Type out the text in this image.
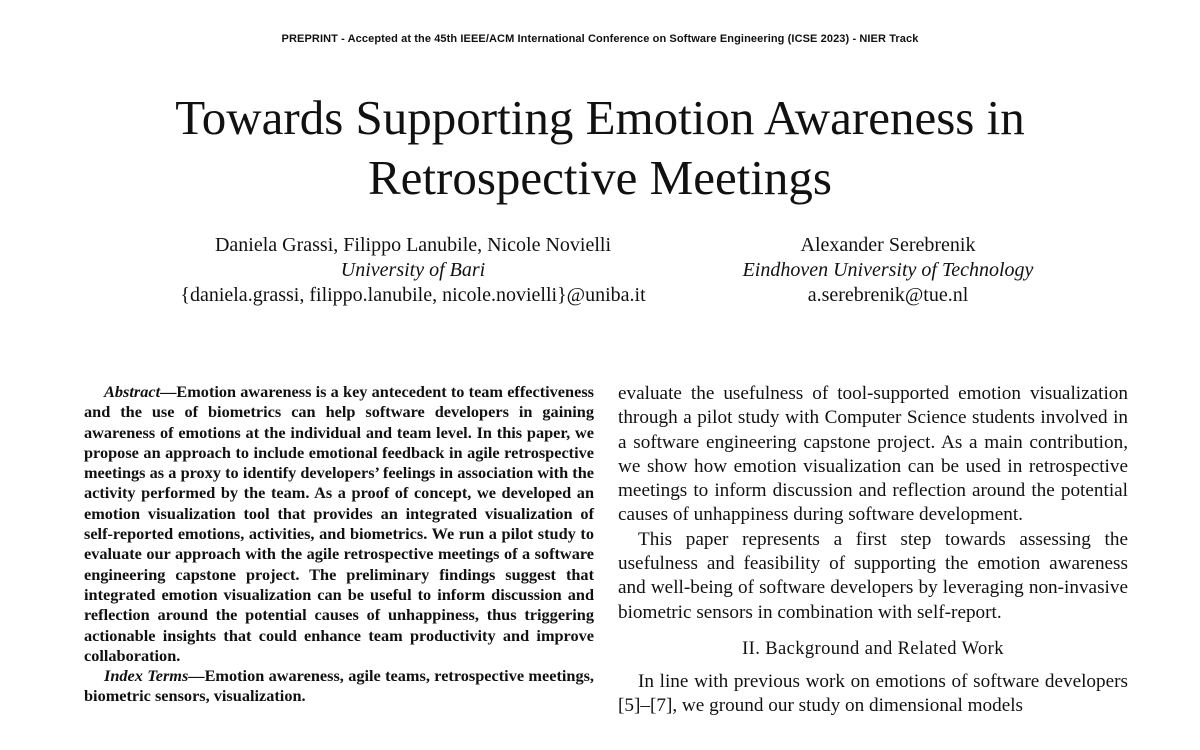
PREPRINT - Accepted at the 45th IEEE/ACM International Conference on Software Engineering (ICSE 2023) - NIER Track
Towards Supporting Emotion Awareness in
Retrospective Meetings
Daniela Grassi, Filippo Lanubile, Nicole Novielli
University of Bari
{daniela.grassi, filippo.lanubile, nicole.novielli}@uniba.it
Alexander Serebrenik
Eindhoven University of Technology
a.serebrenik@tue.nl

Abstract—Emotion awareness is a key antecedent to team effectiveness and the use of biometrics can help software developers in gaining awareness of emotions at the individual and team level. In this paper, we propose an approach to include emotional feedback in agile retrospective meetings as a proxy to identify developers’ feelings in association with the activity performed by the team. As a proof of concept, we developed an emotion visualization tool that provides an integrated visualization of self-reported emotions, activities, and biometrics. We run a pilot study to evaluate our approach with the agile retrospective meetings of a software engineering capstone project. The preliminary findings suggest that integrated emotion visualization can be useful to inform discussion and reflection around the potential causes of unhappiness, thus triggering actionable insights that could enhance team productivity and improve collaboration.

Index Terms—Emotion awareness, agile teams, retrospective meetings, biometric sensors, visualization.

evaluate the usefulness of tool-supported emotion visualization through a pilot study with Computer Science students involved in a software engineering capstone project. As a main contribution, we show how emotion visualization can be used in retrospective meetings to inform discussion and reflection around the potential causes of unhappiness during software development.

This paper represents a first step towards assessing the usefulness and feasibility of supporting the emotion awareness and well-being of software developers by leveraging non-invasive biometric sensors in combination with self-report.

II. Background and Related Work

In line with previous work on emotions of software developers [5]–[7], we ground our study on dimensional models
